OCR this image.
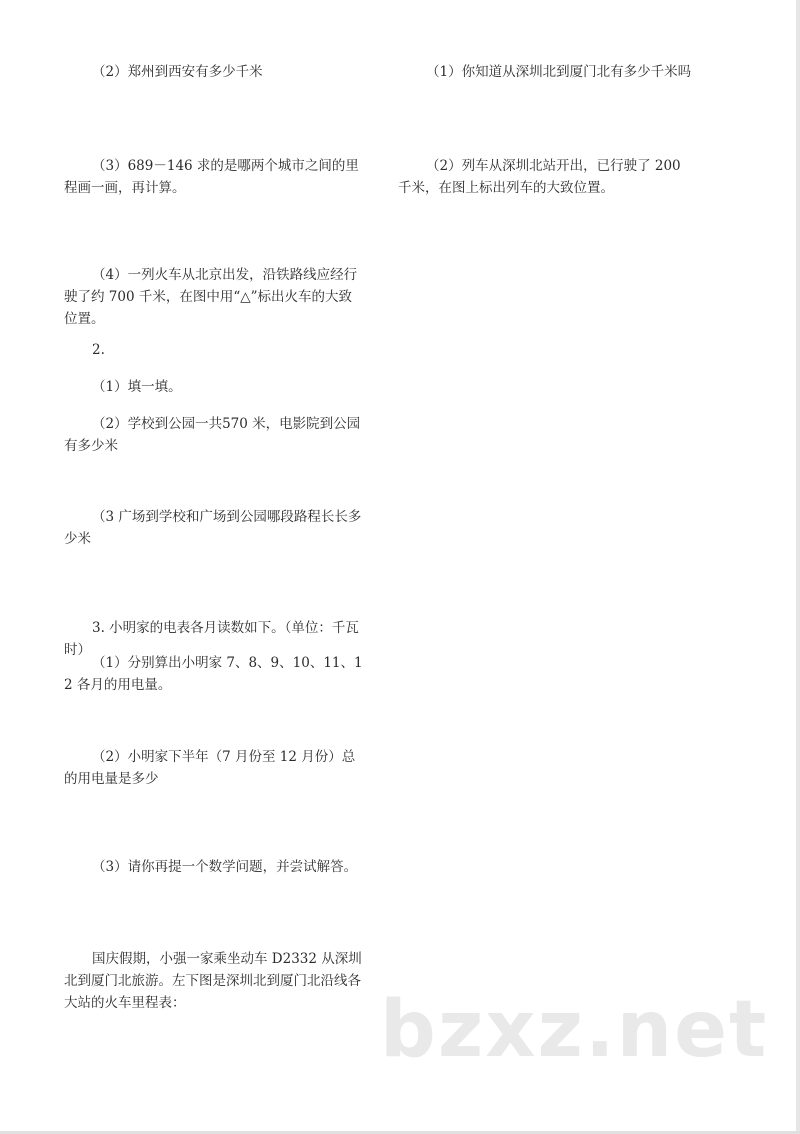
（2）郑州到西安有多少千米
（3）689－146 求的是哪两个城市之间的里程画一画，再计算。
（4）一列火车从北京出发，沿铁路线应经行驶了约 700 千米，在图中用“△”标出火车的大致位置。
2.
（1）填一填。
（2）学校到公园一共570 米，电影院到公园有多少米
（3 广场到学校和广场到公园哪段路程长长多少米
3. 小明家的电表各月读数如下。（单位：千瓦时）
（1）分别算出小明家 7、8、9、10、11、12 各月的用电量。
（2）小明家下半年（7 月份至 12 月份）总的用电量是多少
（3）请你再提一个数学问题，并尝试解答。
国庆假期，小强一家乘坐动车 D2332 从深圳北到厦门北旅游。左下图是深圳北到厦门北沿线各大站的火车里程表：
（1）你知道从深圳北到厦门北有多少千米吗
（2）列车从深圳北站开出，已行驶了 200 千米，在图上标出列车的大致位置。
bzxz.net
